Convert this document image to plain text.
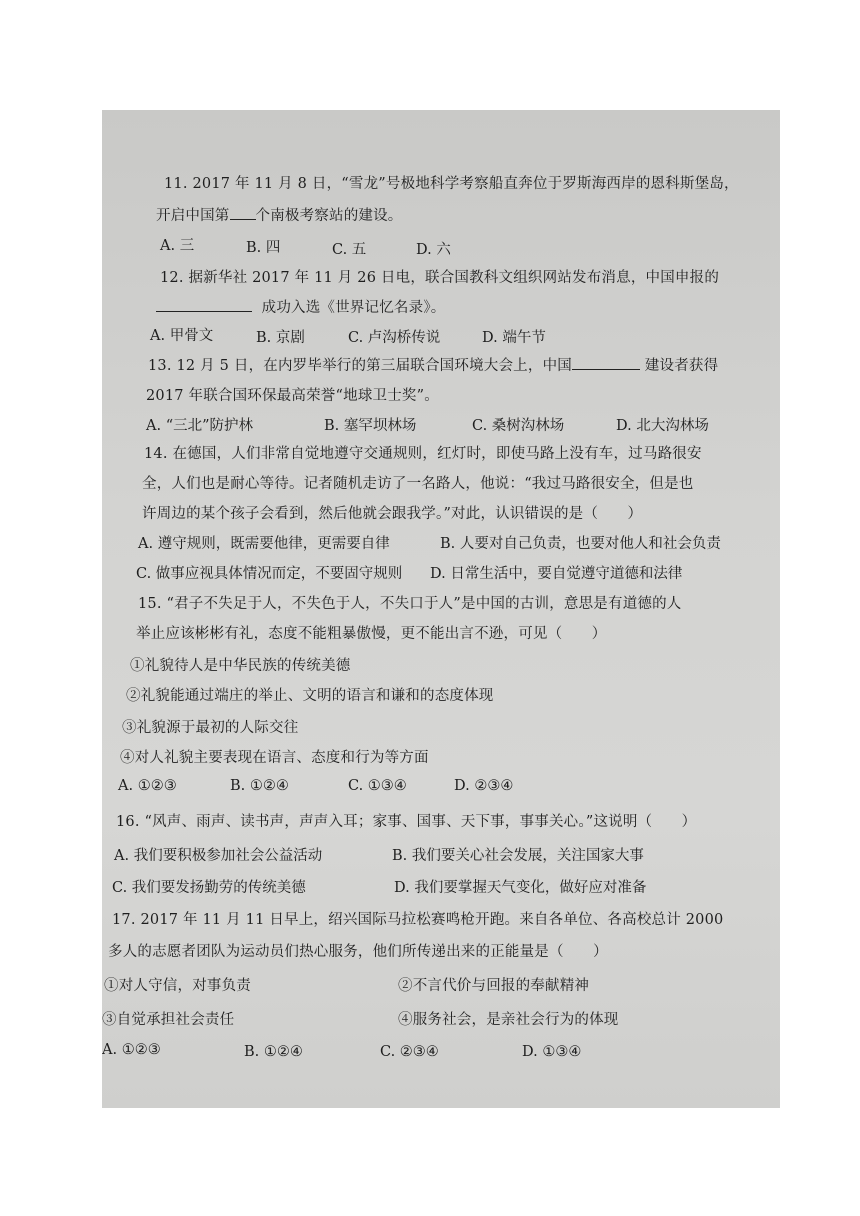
11. 2017 年 11 月 8 日，“雪龙”号极地科学考察船直奔位于罗斯海西岸的恩科斯堡岛，
开启中国第 个南极考察站的建设。
A. 三	B. 四	C. 五	D. 六
12. 据新华社 2017 年 11 月 26 日电，联合国教科文组织网站发布消息，中国申报的
成功入选《世界记忆名录》。
A. 甲骨文	B. 京剧	C. 卢沟桥传说	D. 端午节
13. 12 月 5 日，在内罗毕举行的第三届联合国环境大会上，中国	建设者获得
2017 年联合国环保最高荣誉“地球卫士奖”。
A. “三北”防护林	B. 塞罕坝林场	C. 桑树沟林场	D. 北大沟林场
14. 在德国，人们非常自觉地遵守交通规则，红灯时，即使马路上没有车，过马路很安
全，人们也是耐心等待。记者随机走访了一名路人，他说：“我过马路很安全，但是也
许周边的某个孩子会看到，然后他就会跟我学。”对此，认识错误的是（　　）
A. 遵守规则，既需要他律，更需要自律	B. 人要对自己负责，也要对他人和社会负责
C. 做事应视具体情况而定，不要固守规则 D. 日常生活中，要自觉遵守道德和法律
15. “君子不失足于人，不失色于人，不失口于人”是中国的古训，意思是有道德的人
举止应该彬彬有礼，态度不能粗暴傲慢，更不能出言不逊，可见（　　）
①礼貌待人是中华民族的传统美德
②礼貌能通过端庄的举止、文明的语言和谦和的态度体现
③礼貌源于最初的人际交往
④对人礼貌主要表现在语言、态度和行为等方面
A. ①②③	B. ①②④	C. ①③④	D. ②③④
16. “风声、雨声、读书声，声声入耳；家事、国事、天下事，事事关心。”这说明（　　）
A. 我们要积极参加社会公益活动	B. 我们要关心社会发展，关注国家大事
C. 我们要发扬勤劳的传统美德	D. 我们要掌握天气变化，做好应对准备
17. 2017 年 11 月 11 日早上，绍兴国际马拉松赛鸣枪开跑。来自各单位、各高校总计 2000
多人的志愿者团队为运动员们热心服务，他们所传递出来的正能量是（　　）
①对人守信，对事负责	②不言代价与回报的奉献精神
③自觉承担社会责任	④服务社会，是亲社会行为的体现
A. ①②③	B. ①②④	C. ②③④	D. ①③④
